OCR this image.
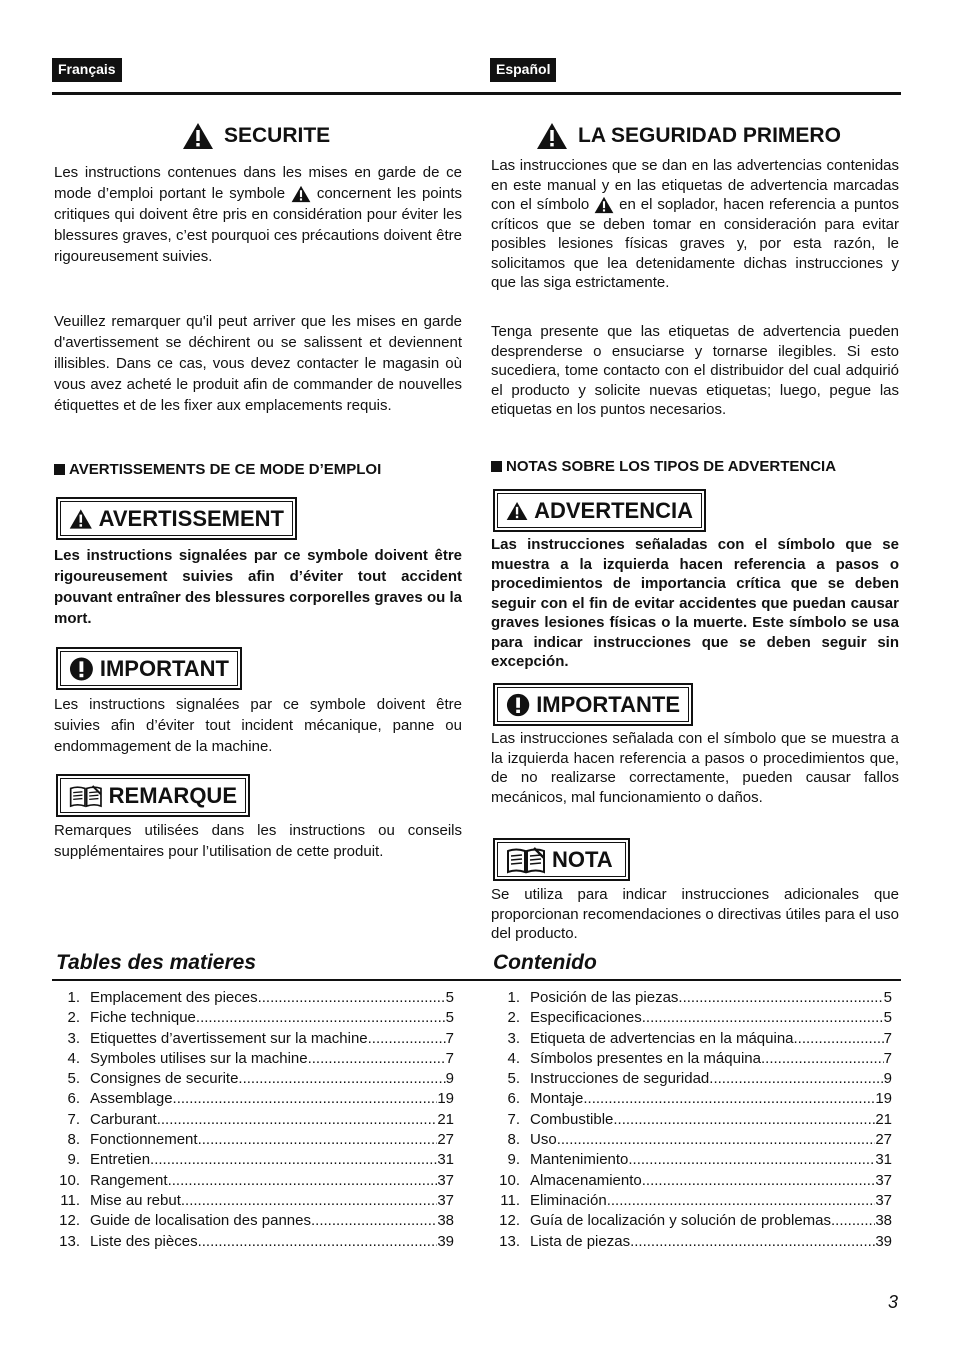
Français	Español
SECURITE

Les instructions contenues dans les mises en garde de ce mode d’emploi portant le symbole concernent les points critiques qui doivent être pris en considération pour éviter les blessures graves, c’est pourquoi ces précautions doivent être rigoureusement suivies.

Veuillez remarquer qu'il peut arriver que les mises en garde d'avertissement se déchirent ou se salissent et deviennent illisibles. Dans ce cas, vous devez contacter le magasin où vous avez acheté le produit afin de commander de nouvelles étiquettes et de les fixer aux emplacements requis.

AVERTISSEMENTS DE CE MODE D’EMPLOI
AVERTISSEMENT

Les instructions signalées par ce symbole doivent être rigoureusement suivies afin d’éviter tout accident pouvant entraîner des blessures corporelles graves ou la mort.

IMPORTANT

Les instructions signalées par ce symbole doivent être suivies afin d’éviter tout incident mécanique, panne ou endommagement de la machine.

REMARQUE

Remarques utilisées dans les instructions ou conseils supplémentaires pour l’utilisation de cette produit.

LA SEGURIDAD PRIMERO

Las instrucciones que se dan en las advertencias contenidas en este manual y en las etiquetas de advertencia marcadas con el símbolo en el soplador, hacen referencia a puntos críticos que se deben tomar en consideración para evitar posibles lesiones físicas graves y, por esta razón, le solicitamos que lea detenidamente dichas instrucciones y que las siga estrictamente.

Tenga presente que las etiquetas de advertencia pueden desprenderse o ensuciarse y tornarse ilegibles. Si esto sucediera, tome contacto con el distribuidor del cual adquirió el producto y solicite nuevas etiquetas; luego, pegue las etiquetas en los puntos necesarios.

NOTAS SOBRE LOS TIPOS DE ADVERTENCIA
ADVERTENCIA

Las instrucciones señaladas con el símbolo que se muestra a la izquierda hacen referencia a pasos o procedimientos de importancia crítica que se deben seguir con el fin de evitar accidentes que puedan causar graves lesiones físicas o la muerte. Este símbolo se usa para indicar instrucciones que se deben seguir sin excepción.

IMPORTANTE

Las instrucciones señalada con el símbolo que se muestra a la izquierda hacen referencia a pasos o procedimientos que, de no realizarse correctamente, pueden causar fallos mecánicos, mal funcionamiento o daños.

NOTA

Se utiliza para indicar instrucciones adicionales que proporcionan recomendaciones o directivas útiles para el uso del producto.

Tables des matieres	Contenido
1. Emplacement des pieces .....	5
2. Fiche technique .....	5
3. Etiquettes d’avertissement sur la machine .....	7
4. Symboles utilises sur la machine .....	7
5. Consignes de securite .....	9
6. Assemblage .....	19
7. Carburant .....	21
8. Fonctionnement .....	27
9. Entretien .....	31
10. Rangement .....	37
11. Mise au rebut .....	37
12. Guide de localisation des pannes .....	38
13. Liste des pièces .....	39
1. Posición de las piezas .....	5
2. Especificaciones .....	5
3. Etiqueta de advertencias en la máquina .....	7
4. Símbolos presentes en la máquina .....	7
5. Instrucciones de seguridad .....	9
6. Montaje .....	19
7. Combustible .....	21
8. Uso .....	27
9. Mantenimiento .....	31
10. Almacenamiento .....	37
11. Eliminación .....	37
12. Guía de localización y solución de problemas .....	38
13. Lista de piezas .....	39
3
